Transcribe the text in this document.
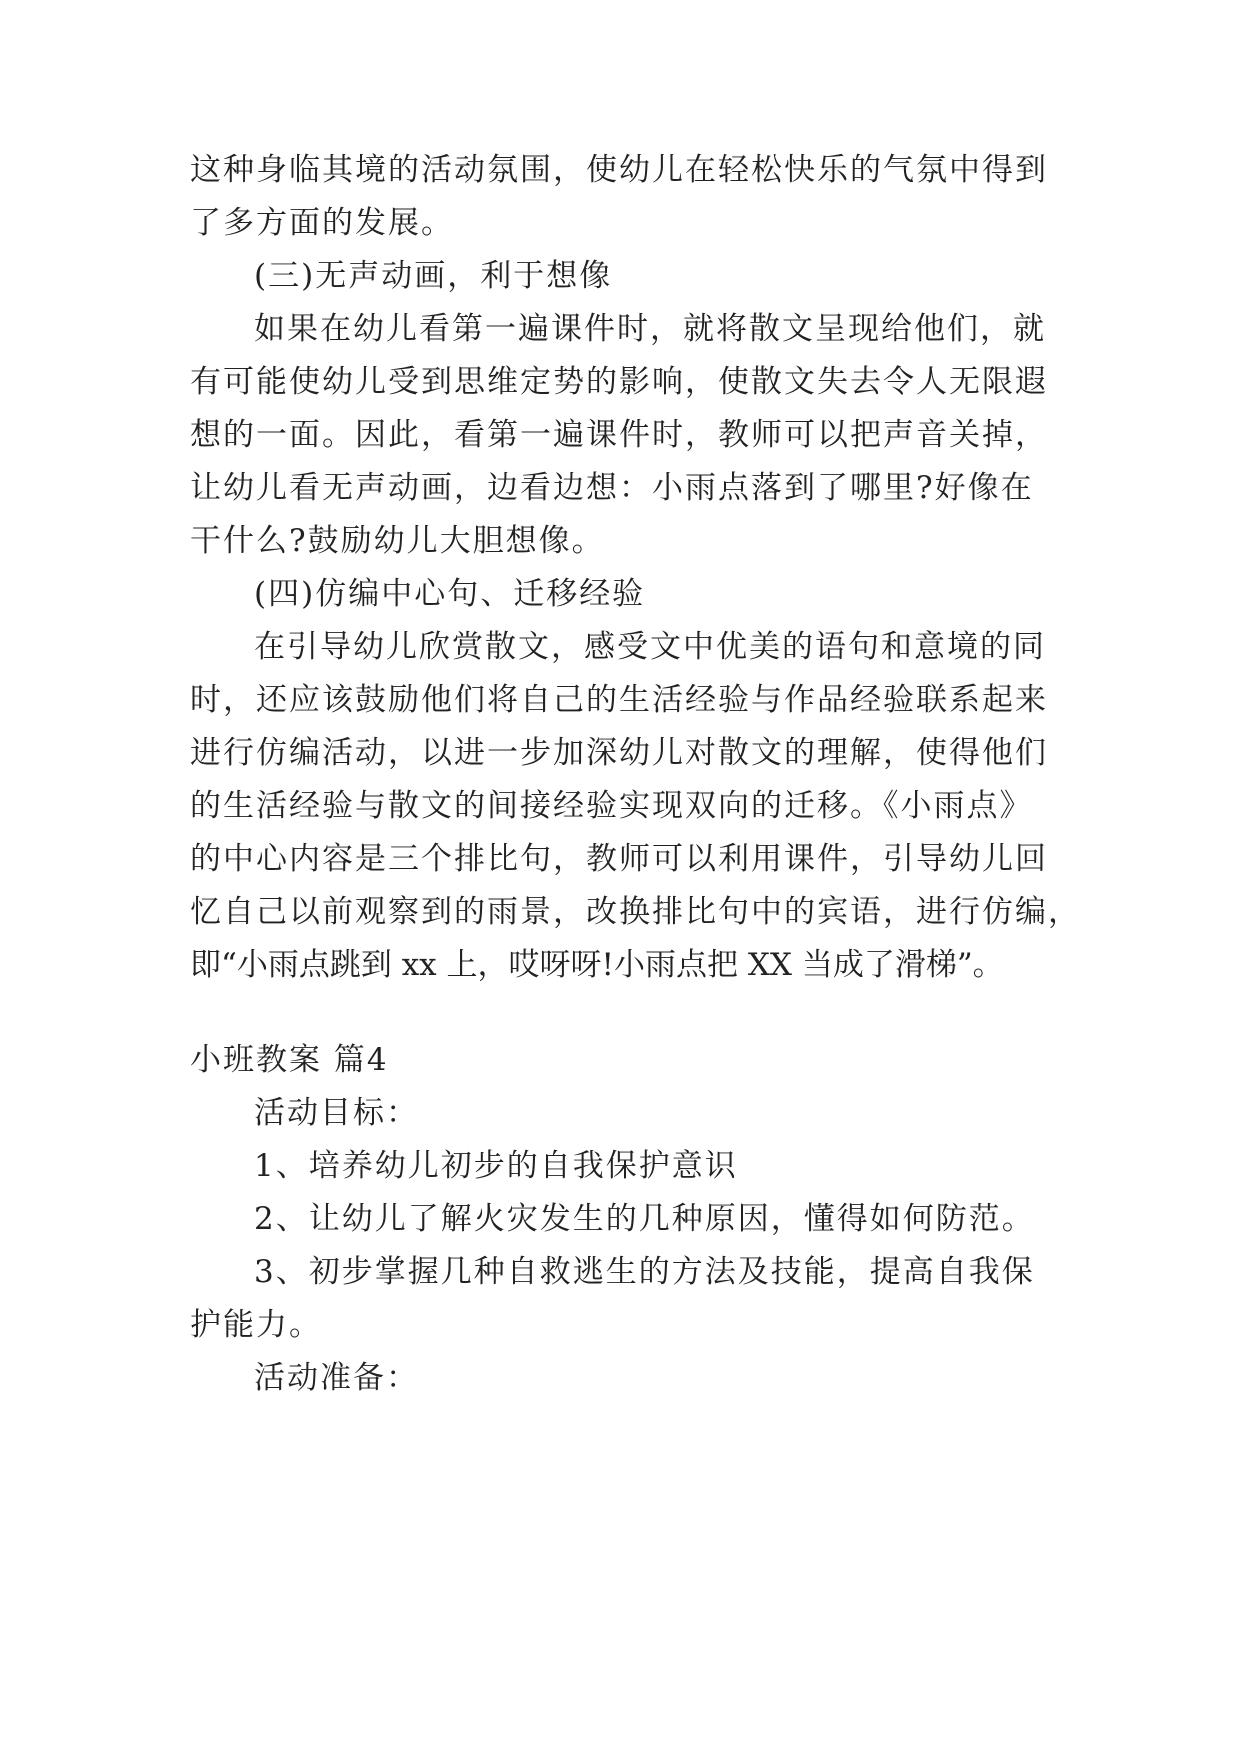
这种身临其境的活动氛围，使幼儿在轻松快乐的气氛中得到
了多方面的发展。
(三)无声动画，利于想像
如果在幼儿看第一遍课件时，就将散文呈现给他们，就
有可能使幼儿受到思维定势的影响，使散文失去令人无限遐
想的一面。因此，看第一遍课件时，教师可以把声音关掉，
让幼儿看无声动画，边看边想：小雨点落到了哪里?好像在
干什么?鼓励幼儿大胆想像。
(四)仿编中心句、迁移经验
在引导幼儿欣赏散文，感受文中优美的语句和意境的同
时，还应该鼓励他们将自己的生活经验与作品经验联系起来
进行仿编活动，以进一步加深幼儿对散文的理解，使得他们
的生活经验与散文的间接经验实现双向的迁移。《小雨点》
的中心内容是三个排比句，教师可以利用课件，引导幼儿回
忆自己以前观察到的雨景，改换排比句中的宾语，进行仿编，
即“小雨点跳到 xx 上，哎呀呀!小雨点把 XX 当成了滑梯”。
小班教案 篇4
活动目标：
1、培养幼儿初步的自我保护意识
2、让幼儿了解火灾发生的几种原因，懂得如何防范。
3、初步掌握几种自救逃生的方法及技能，提高自我保
护能力。
活动准备：
